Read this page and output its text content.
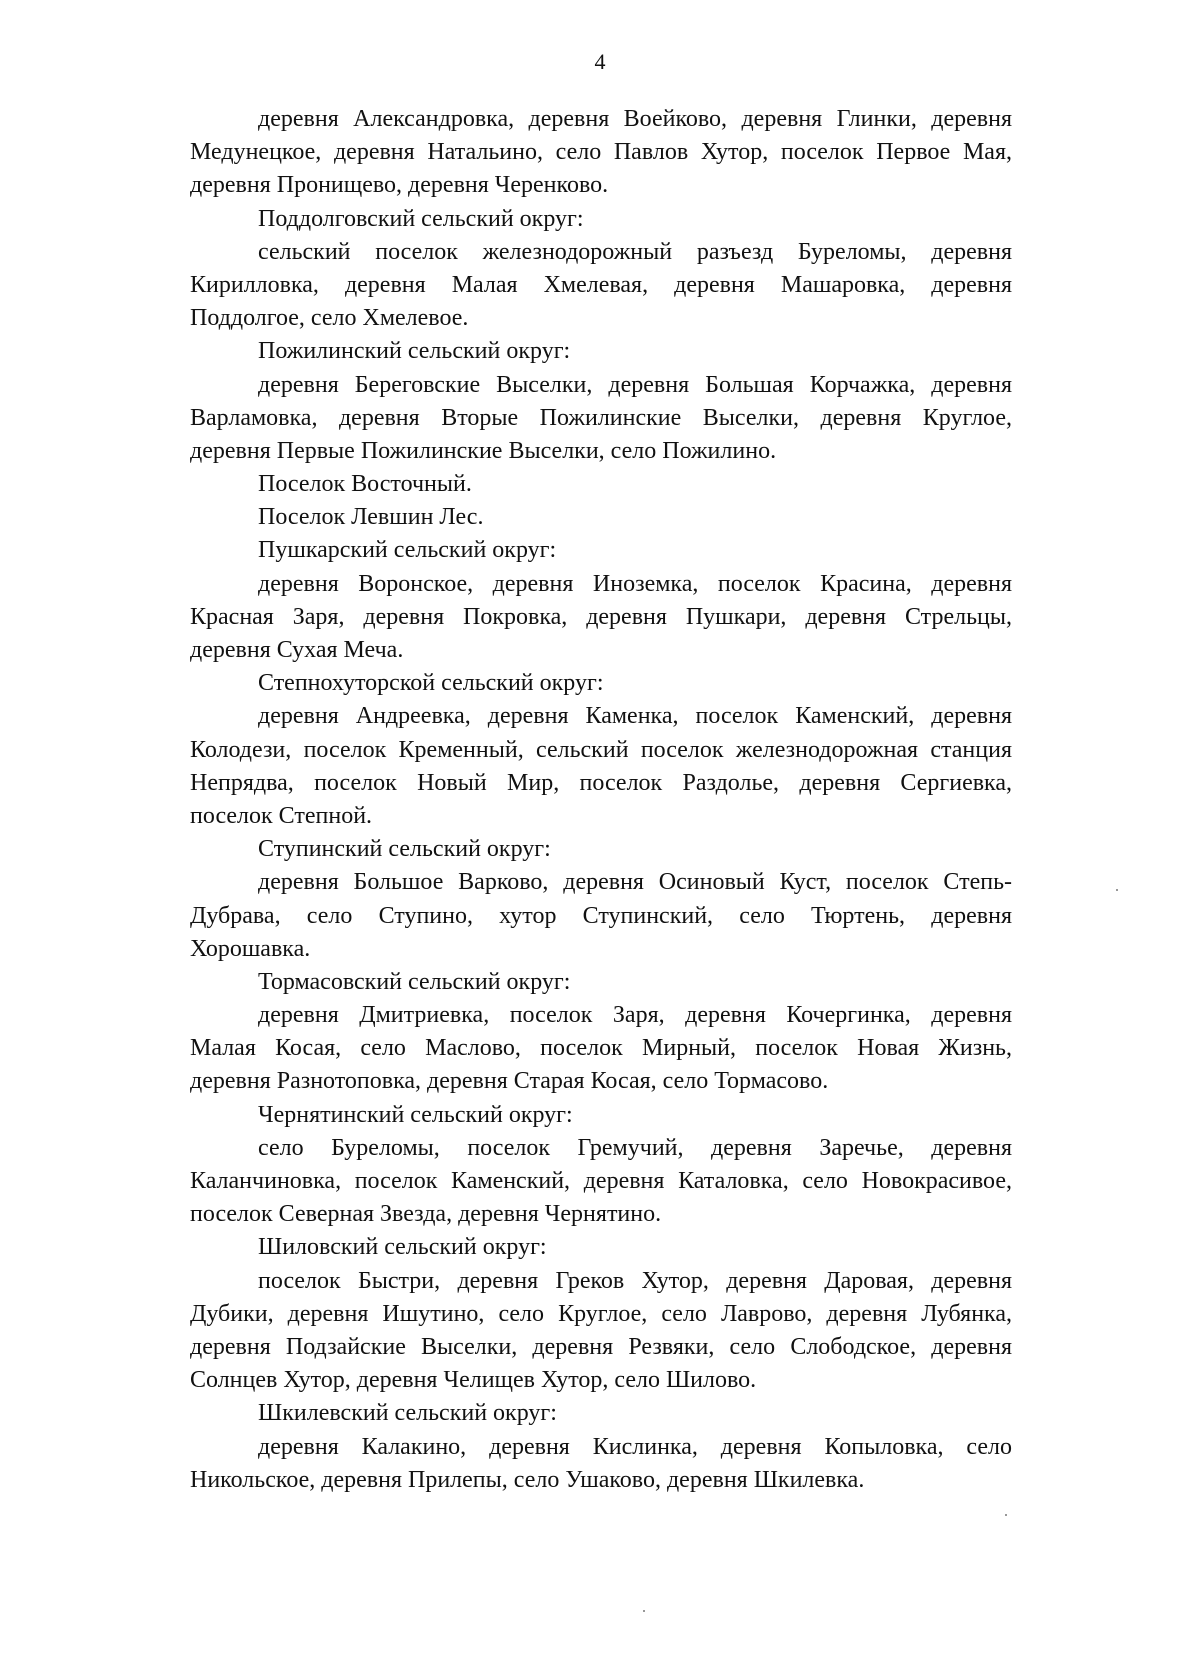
4
деревня Александровка, деревня Воейково, деревня Глинки, деревня
Медунецкое, деревня Натальино, село Павлов Хутор, поселок Первое Мая,
деревня Пронищево, деревня Черенково.
Поддолговский сельский округ:
сельский поселок железнодорожный разъезд Буреломы, деревня
Кирилловка, деревня Малая Хмелевая, деревня Машаровка, деревня
Поддолгое, село Хмелевое.
Пожилинский сельский округ:
деревня Береговские Выселки, деревня Большая Корчажка, деревня
Варламовка, деревня Вторые Пожилинские Выселки, деревня Круглое,
деревня Первые Пожилинские Выселки, село Пожилино.
Поселок Восточный.
Поселок Левшин Лес.
Пушкарский сельский округ:
деревня Воронское, деревня Иноземка, поселок Красина, деревня
Красная Заря, деревня Покровка, деревня Пушкари, деревня Стрельцы,
деревня Сухая Меча.
Степнохуторской сельский округ:
деревня Андреевка, деревня Каменка, поселок Каменский, деревня
Колодези, поселок Кременный, сельский поселок железнодорожная станция
Непрядва, поселок Новый Мир, поселок Раздолье, деревня Сергиевка,
поселок Степной.
Ступинский сельский округ:
деревня Большое Варково, деревня Осиновый Куст, поселок Степь-
Дубрава, село Ступино, хутор Ступинский, село Тюртень, деревня
Хорошавка.
Тормасовский сельский округ:
деревня Дмитриевка, поселок Заря, деревня Кочергинка, деревня
Малая Косая, село Маслово, поселок Мирный, поселок Новая Жизнь,
деревня Разнотоповка, деревня Старая Косая, село Тормасово.
Чернятинский сельский округ:
село Буреломы, поселок Гремучий, деревня Заречье, деревня
Каланчиновка, поселок Каменский, деревня Каталовка, село Новокрасивое,
поселок Северная Звезда, деревня Чернятино.
Шиловский сельский округ:
поселок Быстри, деревня Греков Хутор, деревня Даровая, деревня
Дубики, деревня Ишутино, село Круглое, село Лаврово, деревня Лубянка,
деревня Подзайские Выселки, деревня Резвяки, село Слободское, деревня
Солнцев Хутор, деревня Челищев Хутор, село Шилово.
Шкилевский сельский округ:
деревня Калакино, деревня Кислинка, деревня Копыловка, село
Никольское, деревня Прилепы, село Ушаково, деревня Шкилевка.
